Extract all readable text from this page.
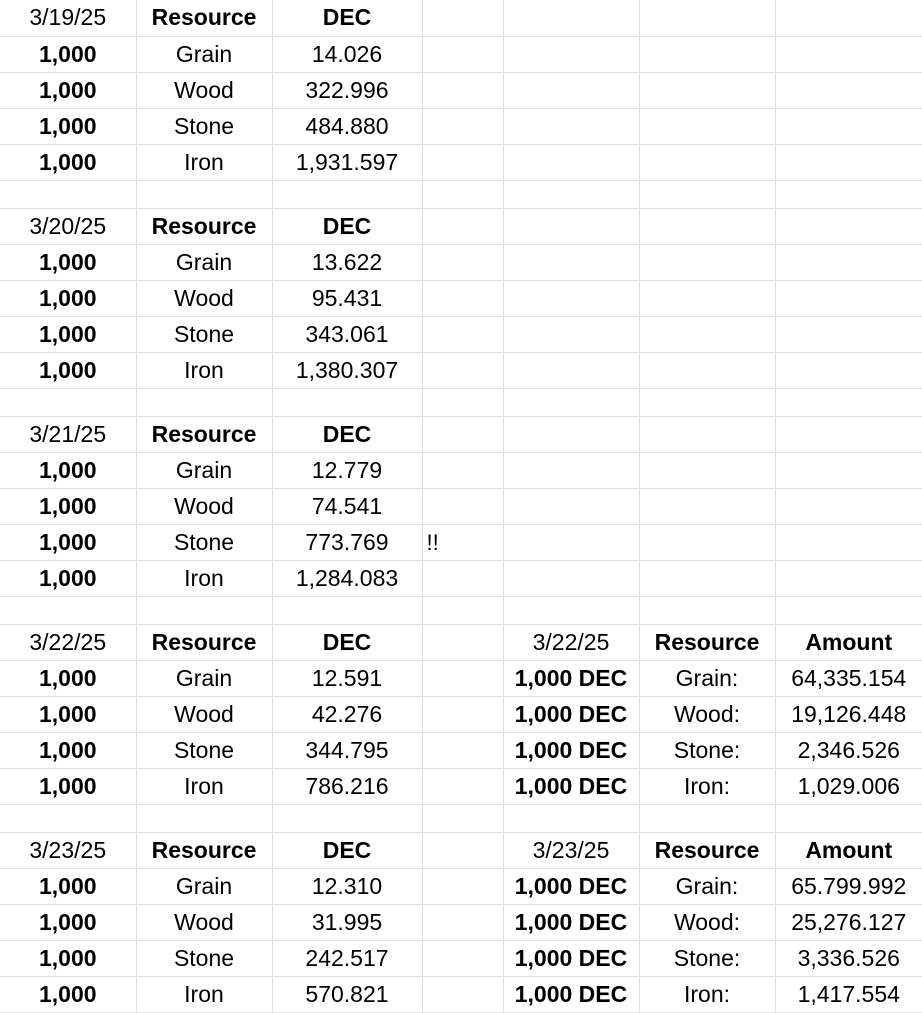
3/19/25	Resource	DEC				
1,000	Grain	14.026				
1,000	Wood	322.996				
1,000	Stone	484.880				
1,000	Iron	1,931.597				

3/20/25	Resource	DEC				
1,000	Grain	13.622				
1,000	Wood	95.431				
1,000	Stone	343.061				
1,000	Iron	1,380.307				

3/21/25	Resource	DEC				
1,000	Grain	12.779				
1,000	Wood	74.541				
1,000	Stone	773.769	!!			
1,000	Iron	1,284.083				

3/22/25	Resource	DEC		3/22/25	Resource	Amount
1,000	Grain	12.591		1,000 DEC	Grain:	64,335.154
1,000	Wood	42.276		1,000 DEC	Wood:	19,126.448
1,000	Stone	344.795		1,000 DEC	Stone:	2,346.526
1,000	Iron	786.216		1,000 DEC	Iron:	1,029.006

3/23/25	Resource	DEC		3/23/25	Resource	Amount
1,000	Grain	12.310		1,000 DEC	Grain:	65.799.992
1,000	Wood	31.995		1,000 DEC	Wood:	25,276.127
1,000	Stone	242.517		1,000 DEC	Stone:	3,336.526
1,000	Iron	570.821		1,000 DEC	Iron:	1,417.554
